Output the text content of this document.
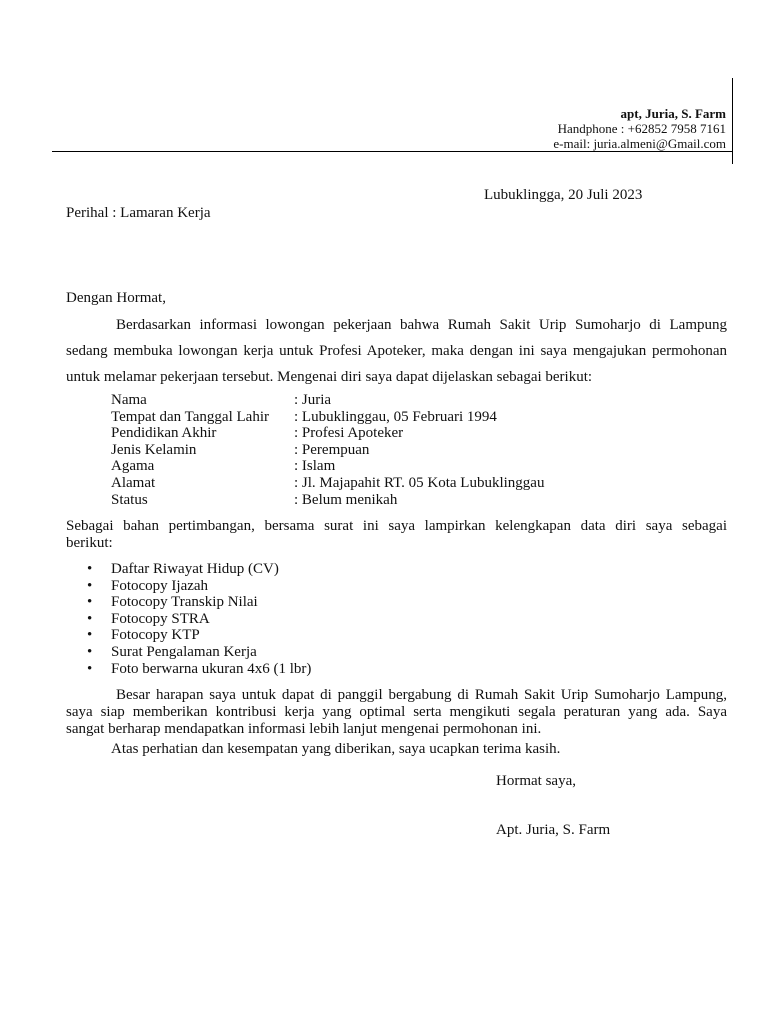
apt, Juria, S. Farm
Handphone : +62852 7958 7161
e-mail: juria.almeni@Gmail.com
Lubuklingga, 20 Juli 2023
Perihal : Lamaran Kerja
Dengan Hormat,
Berdasarkan informasi lowongan pekerjaan bahwa Rumah Sakit Urip Sumoharjo di Lampung
sedang membuka lowongan kerja untuk Profesi Apoteker, maka dengan ini saya mengajukan permohonan
untuk melamar pekerjaan tersebut. Mengenai diri saya dapat dijelaskan sebagai berikut:
Nama	: Juria
Tempat dan Tanggal Lahir	: Lubuklinggau, 05 Februari 1994
Pendidikan Akhir	: Profesi Apoteker
Jenis Kelamin	: Perempuan
Agama	: Islam
Alamat	: Jl. Majapahit RT. 05 Kota Lubuklinggau
Status	: Belum menikah
Sebagai bahan pertimbangan, bersama surat ini saya lampirkan kelengkapan data diri saya sebagai
berikut:
• Daftar Riwayat Hidup (CV)
• Fotocopy Ijazah
• Fotocopy Transkip Nilai
• Fotocopy STRA
• Fotocopy KTP
• Surat Pengalaman Kerja
• Foto berwarna ukuran 4x6 (1 lbr)
Besar harapan saya untuk dapat di panggil bergabung di Rumah Sakit Urip Sumoharjo Lampung,
saya siap memberikan kontribusi kerja yang optimal serta mengikuti segala peraturan yang ada. Saya
sangat berharap mendapatkan informasi lebih lanjut mengenai permohonan ini.
Atas perhatian dan kesempatan yang diberikan, saya ucapkan terima kasih.
Hormat saya,
Apt. Juria, S. Farm
